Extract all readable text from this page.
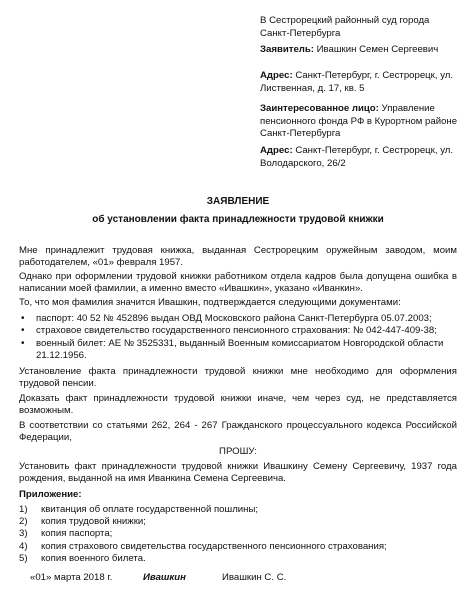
В Сестрорецкий районный суд города Санкт-Петербурга

Заявитель: Ивашкин Семен Сергеевич

Адрес: Санкт-Петербург, г. Сестрорецк, ул. Лиственная, д. 17, кв. 5

Заинтересованное лицо: Управление пенсионного фонда РФ в Курортном районе Санкт-Петербурга

Адрес: Санкт-Петербург, г. Сестрорецк, ул. Володарского, 26/2

ЗАЯВЛЕНИЕ
об установлении факта принадлежности трудовой книжки

Мне принадлежит трудовая книжка, выданная Сестрорецким оружейным заводом, моим работодателем, «01» февраля 1957.

Однако при оформлении трудовой книжки работником отдела кадров была допущена ошибка в написании моей фамилии, а именно вместо «Ивашкин», указано «Иванкин».

То, что моя фамилия значится Ивашкин, подтверждается следующими документами:

• паспорт: 40 52 № 452896 выдан ОВД Московского района Санкт-Петербурга 05.07.2003;
• страховое свидетельство государственного пенсионного страхования: № 042-447-409-38;
• военный билет: АЕ № 3525331, выданный Военным комиссариатом Новгородской области 21.12.1956.

Установление факта принадлежности трудовой книжки мне необходимо для оформления трудовой пенсии.

Доказать факт принадлежности трудовой книжки иначе, чем через суд, не представляется возможным.

В соответствии со статьями 262, 264 - 267 Гражданского процессуального кодекса Российской Федерации,

ПРОШУ:

Установить факт принадлежности трудовой книжки Ивашкину Семену Сергеевичу, 1937 года рождения, выданной на имя Иванкина Семена Сергеевича.

Приложение:
1) квитанция об оплате государственной пошлины;
2) копия трудовой книжки;
3) копия паспорта;
4) копия страхового свидетельства государственного пенсионного страхования;
5) копия военного билета.
«01» марта 2018 г.	Ивашкин	Ивашкин С. С.
